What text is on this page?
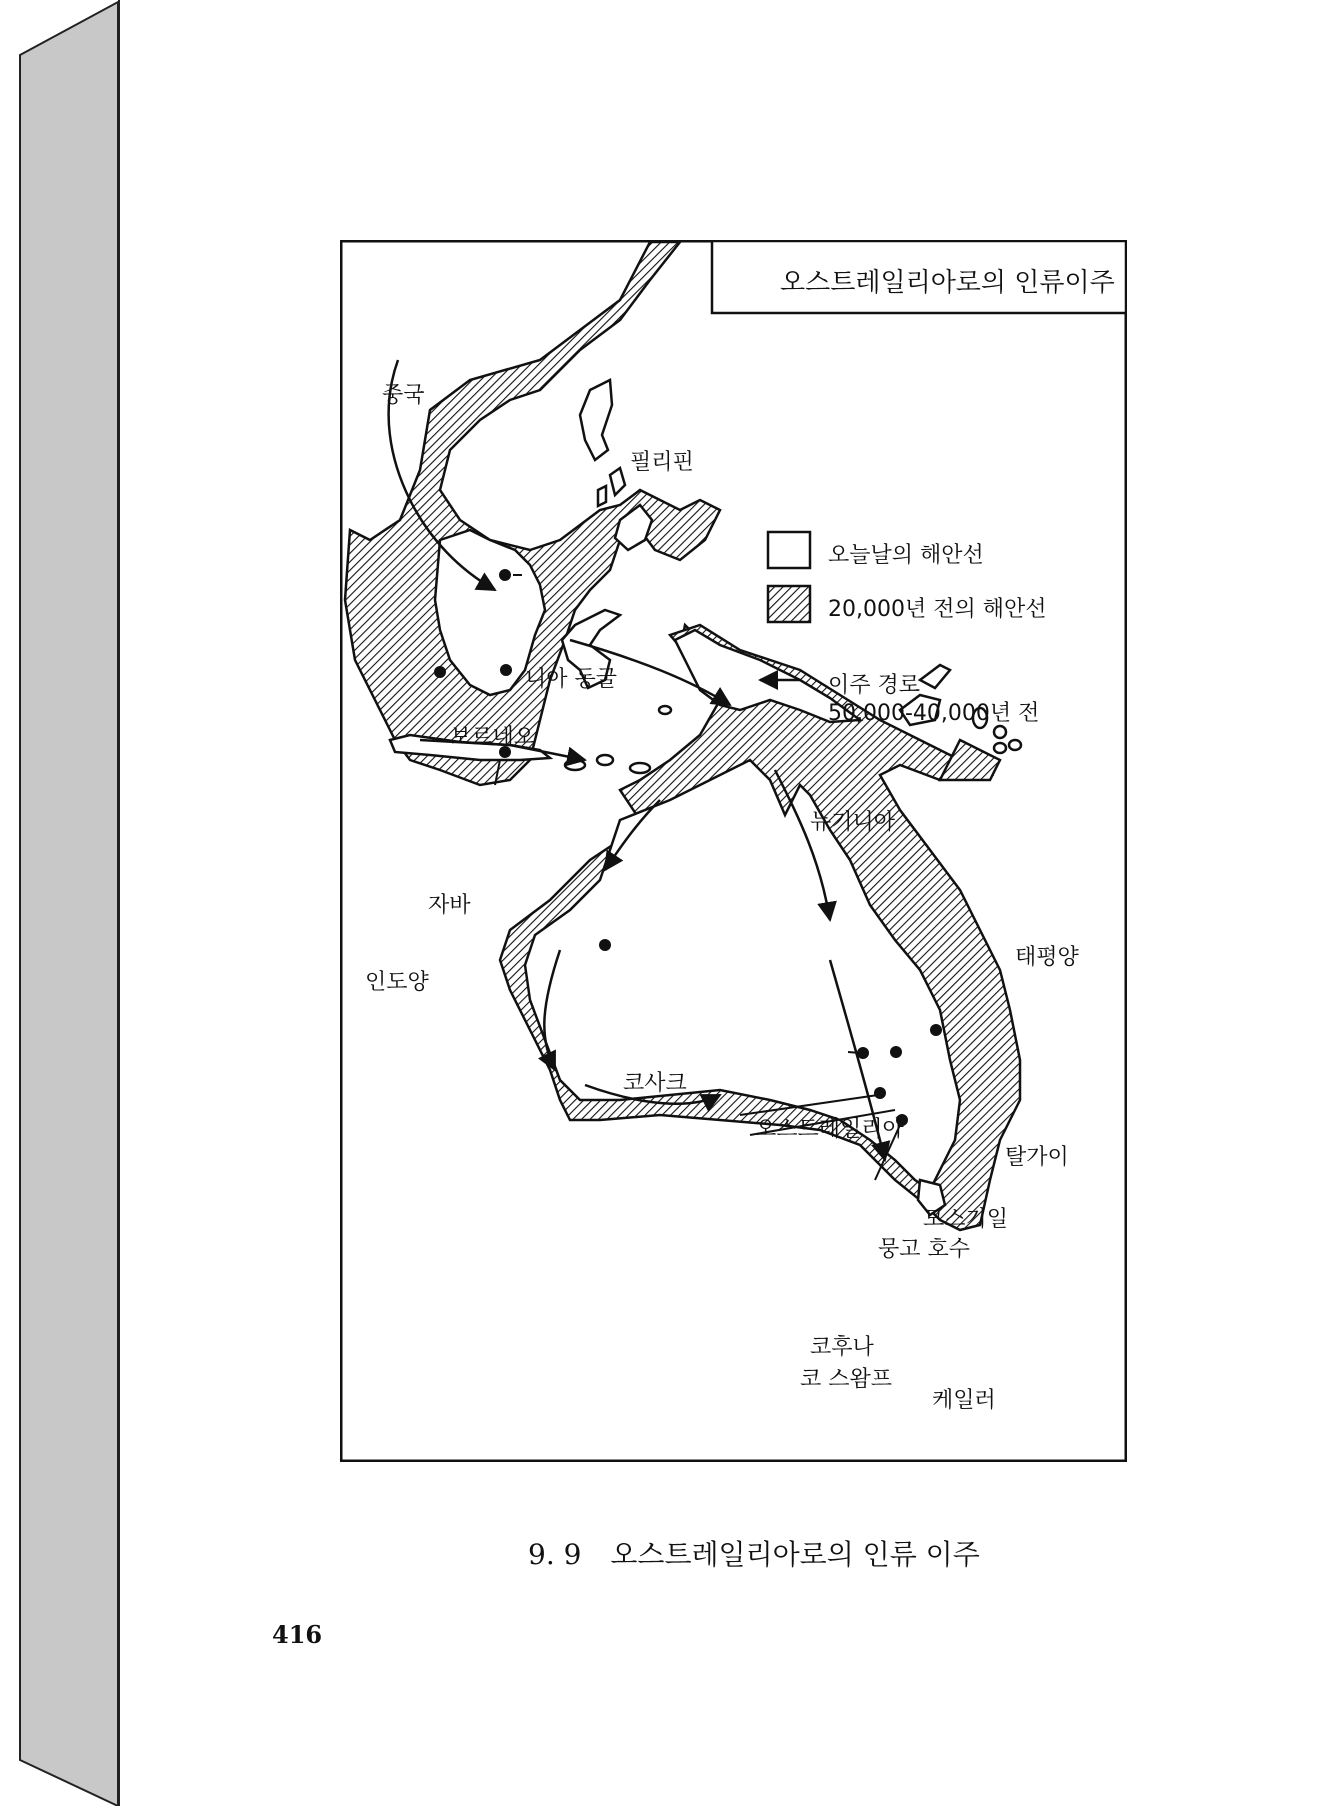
오스트레일리아로의 인류이주
중국
필리핀
니아 동굴
보르네오
자바
인도양
뉴기니아
태평양
코사크
오스트레일리아
탈가이
모스기일
뭉고 호수
코후나
코 스왐프
케일러
오늘날의 해안선
20,000년 전의 해안선
이주 경로
50,000-40,000년 전
9. 9 오스트레일리아로의 인류 이주
416
